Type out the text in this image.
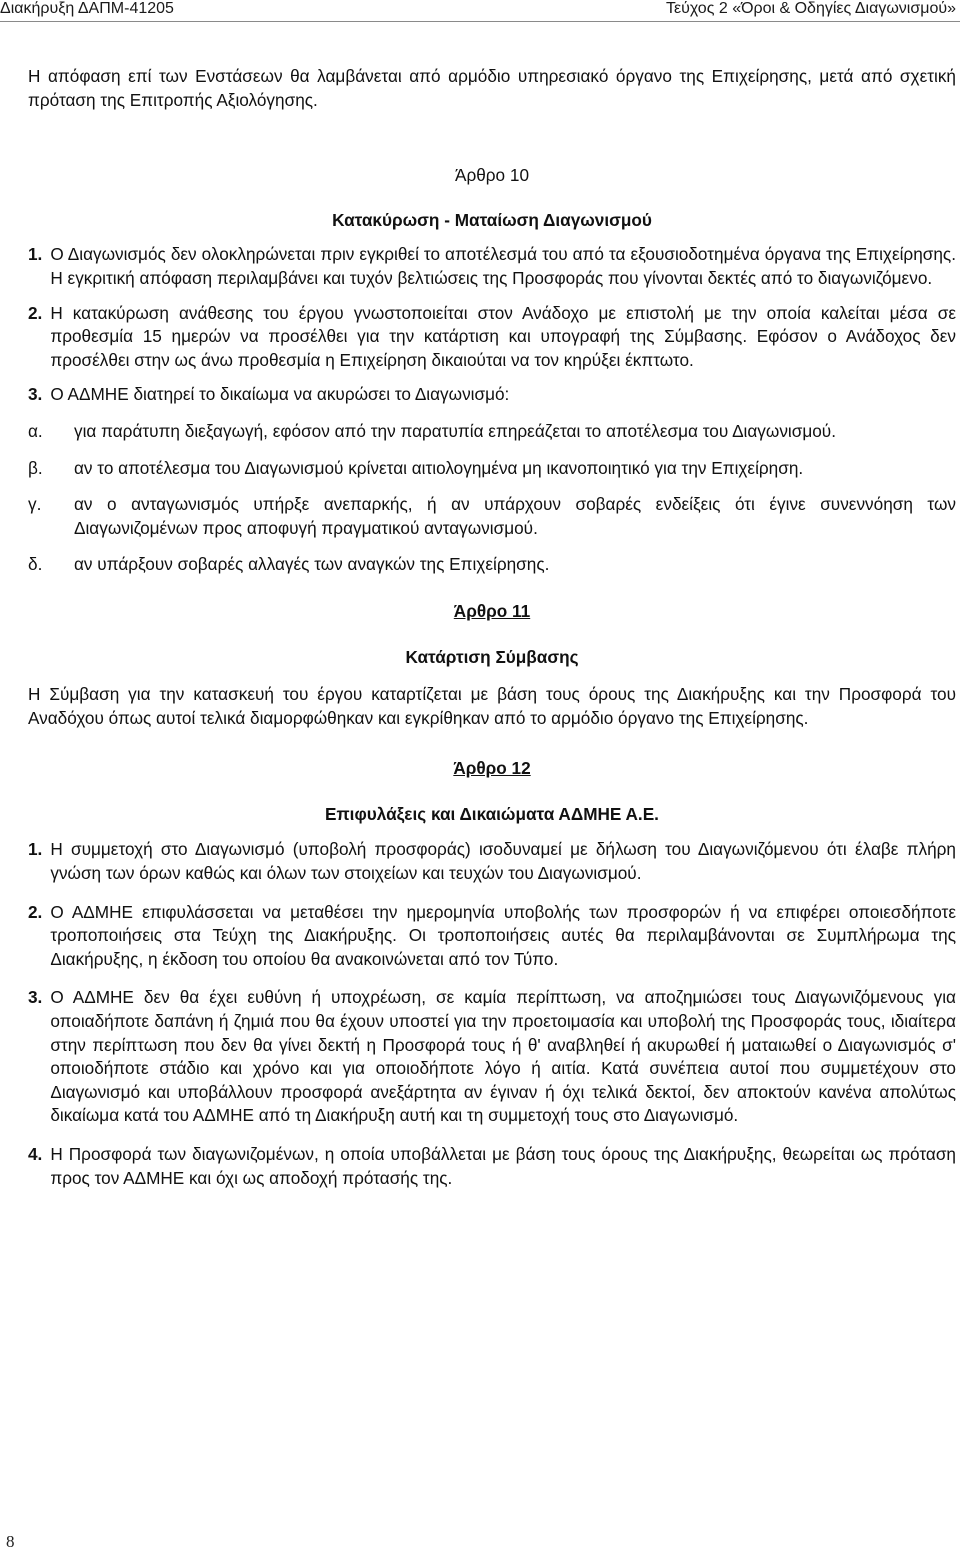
Διακήρυξη ΔΑΠΜ-41205	Τεύχος 2 «Όροι & Οδηγίες Διαγωνισμού»

Η απόφαση επί των Ενστάσεων θα λαμβάνεται από αρμόδιο υπηρεσιακό όργανο της Επιχείρησης, μετά από σχετική πρόταση της Επιτροπής Αξιολόγησης.

Άρθρο 10

Κατακύρωση - Ματαίωση Διαγωνισμού

1. Ο Διαγωνισμός δεν ολοκληρώνεται πριν εγκριθεί το αποτέλεσμά του από τα εξουσιοδοτημένα όργανα της Επιχείρησης. Η εγκριτική απόφαση περιλαμβάνει και τυχόν βελτιώσεις της Προσφοράς που γίνονται δεκτές από το διαγωνιζόμενο.
2. Η κατακύρωση ανάθεσης του έργου γνωστοποιείται στον Ανάδοχο με επιστολή με την οποία καλείται μέσα σε προθεσμία 15 ημερών να προσέλθει για την κατάρτιση και υπογραφή της Σύμβασης. Εφόσον ο Ανάδοχος δεν προσέλθει στην ως άνω προθεσμία η Επιχείρηση δικαιούται να τον κηρύξει έκπτωτο.
3. Ο ΑΔΜΗΕ διατηρεί το δικαίωμα να ακυρώσει το Διαγωνισμό:
α.	για παράτυπη διεξαγωγή, εφόσον από την παρατυπία επηρεάζεται το αποτέλεσμα του Διαγωνισμού.
β.	αν το αποτέλεσμα του Διαγωνισμού κρίνεται αιτιολογημένα μη ικανοποιητικό για την Επιχείρηση.
γ.	αν ο ανταγωνισμός υπήρξε ανεπαρκής, ή αν υπάρχουν σοβαρές ενδείξεις ότι έγινε συνεννόηση των Διαγωνιζομένων προς αποφυγή πραγματικού ανταγωνισμού.
δ.	αν υπάρξουν σοβαρές αλλαγές των αναγκών της Επιχείρησης.

Άρθρο 11

Κατάρτιση Σύμβασης

Η Σύμβαση για την κατασκευή του έργου καταρτίζεται με βάση τους όρους της Διακήρυξης και την Προσφορά του Αναδόχου όπως αυτοί τελικά διαμορφώθηκαν και εγκρίθηκαν από το αρμόδιο όργανο της Επιχείρησης.

Άρθρο 12

Επιφυλάξεις και Δικαιώματα ΑΔΜΗΕ Α.Ε.

1. Η συμμετοχή στο Διαγωνισμό (υποβολή προσφοράς) ισοδυναμεί με δήλωση του Διαγωνιζόμενου ότι έλαβε πλήρη γνώση των όρων καθώς και όλων των στοιχείων και τευχών του Διαγωνισμού.
2. Ο ΑΔΜΗΕ επιφυλάσσεται να μεταθέσει την ημερομηνία υποβολής των προσφορών ή να επιφέρει οποιεσδήποτε τροποποιήσεις στα Τεύχη της Διακήρυξης. Οι τροποποιήσεις αυτές θα περιλαμβάνονται σε Συμπλήρωμα της Διακήρυξης, η έκδοση του οποίου θα ανακοινώνεται από τον Τύπο.
3. Ο ΑΔΜΗΕ δεν θα έχει ευθύνη ή υποχρέωση, σε καμία περίπτωση, να αποζημιώσει τους Διαγωνιζόμενους για οποιαδήποτε δαπάνη ή ζημιά που θα έχουν υποστεί για την προετοιμασία και υποβολή της Προσφοράς τους, ιδιαίτερα στην περίπτωση που δεν θα γίνει δεκτή η Προσφορά τους ή θ' αναβληθεί ή ακυρωθεί ή ματαιωθεί ο Διαγωνισμός σ' οποιοδήποτε στάδιο και χρόνο και για οποιοδήποτε λόγο ή αιτία. Κατά συνέπεια αυτοί που συμμετέχουν στο Διαγωνισμό και υποβάλλουν προσφορά ανεξάρτητα αν έγιναν ή όχι τελικά δεκτοί, δεν αποκτούν κανένα απολύτως δικαίωμα κατά του ΑΔΜΗΕ από τη Διακήρυξη αυτή και τη συμμετοχή τους στο Διαγωνισμό.
4. Η Προσφορά των διαγωνιζομένων, η οποία υποβάλλεται με βάση τους όρους της Διακήρυξης, θεωρείται ως πρόταση προς τον ΑΔΜΗΕ και όχι ως αποδοχή πρότασής της.
8
